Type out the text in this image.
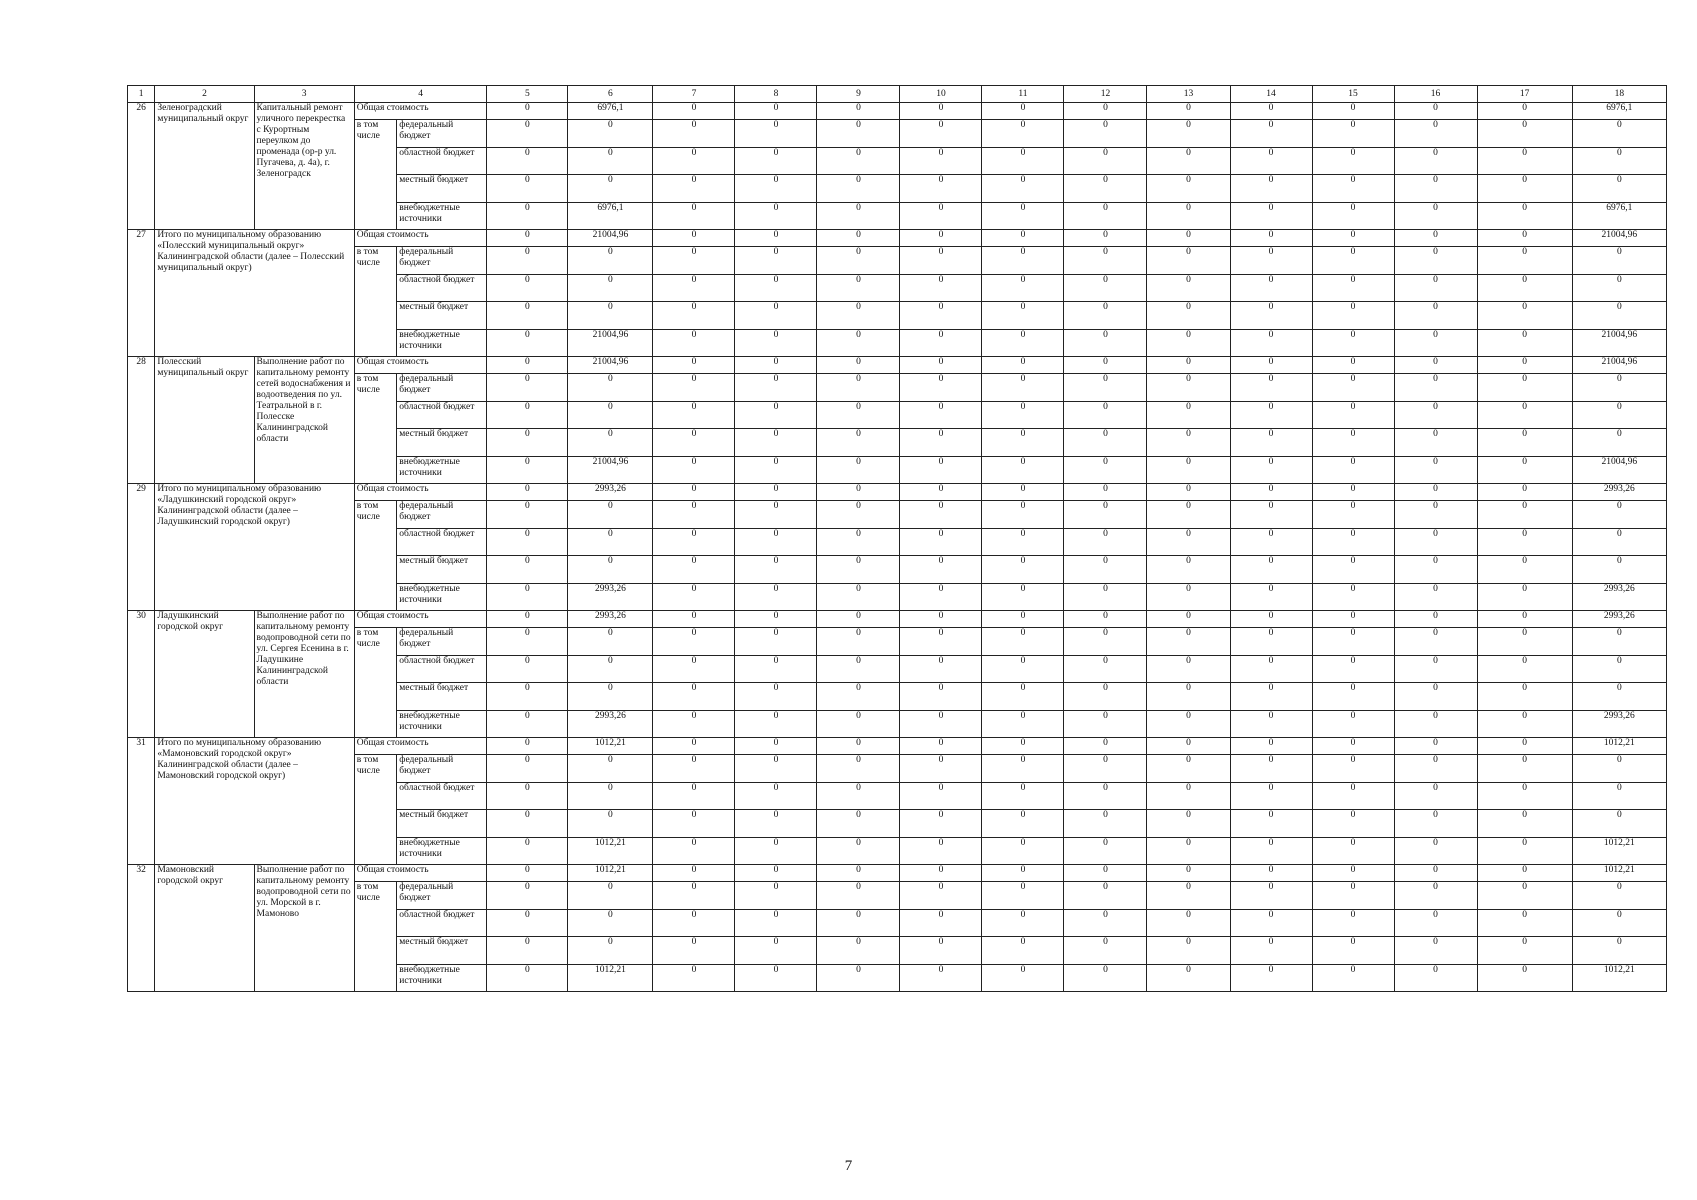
1	2	3	4		5	6	7	8	9	10	11	12	13	14	15	16	17	18
26	Зеленоградский муниципальный округ	Капитальный ремонт уличного перекрестка с Курортным переулком до променада (ор-р ул. Пугачева, д. 4а), г. Зеленоградск	Общая стоимость		0	6976,1	0	0	0	0	0	0	0	0	0	0	0	6976,1
			в том числе	федеральный бюджет	0	0	0	0	0	0	0	0	0	0	0	0	0	0
				областной бюджет	0	0	0	0	0	0	0	0	0	0	0	0	0	0
				местный бюджет	0	0	0	0	0	0	0	0	0	0	0	0	0	0
				внебюджетные источники	0	6976,1	0	0	0	0	0	0	0	0	0	0	0	6976,1
27	Итого по муниципальному образованию «Полесский муниципальный округ» Калининградской области (далее – Полесский муниципальный округ)		Общая стоимость		0	21004,96	0	0	0	0	0	0	0	0	0	0	0	21004,96
			в том числе	федеральный бюджет	0	0	0	0	0	0	0	0	0	0	0	0	0	0
				областной бюджет	0	0	0	0	0	0	0	0	0	0	0	0	0	0
				местный бюджет	0	0	0	0	0	0	0	0	0	0	0	0	0	0
				внебюджетные источники	0	21004,96	0	0	0	0	0	0	0	0	0	0	0	21004,96
28	Полесский муниципальный округ	Выполнение работ по капитальному ремонту сетей водоснабжения и водоотведения по ул. Театральной в г. Полесске Калининградской области	Общая стоимость		0	21004,96	0	0	0	0	0	0	0	0	0	0	0	21004,96
			в том числе	федеральный бюджет	0	0	0	0	0	0	0	0	0	0	0	0	0	0
				областной бюджет	0	0	0	0	0	0	0	0	0	0	0	0	0	0
				местный бюджет	0	0	0	0	0	0	0	0	0	0	0	0	0	0
				внебюджетные источники	0	21004,96	0	0	0	0	0	0	0	0	0	0	0	21004,96
29	Итого по муниципальному образованию «Ладушкинский городской округ» Калининградской области (далее – Ладушкинский городской округ)		Общая стоимость		0	2993,26	0	0	0	0	0	0	0	0	0	0	0	2993,26
			в том числе	федеральный бюджет	0	0	0	0	0	0	0	0	0	0	0	0	0	0
				областной бюджет	0	0	0	0	0	0	0	0	0	0	0	0	0	0
				местный бюджет	0	0	0	0	0	0	0	0	0	0	0	0	0	0
				внебюджетные источники	0	2993,26	0	0	0	0	0	0	0	0	0	0	0	2993,26
30	Ладушкинский городской округ	Выполнение работ по капитальному ремонту водопроводной сети по ул. Сергея Есенина в г. Ладушкине Калининградской области	Общая стоимость		0	2993,26	0	0	0	0	0	0	0	0	0	0	0	2993,26
			в том числе	федеральный бюджет	0	0	0	0	0	0	0	0	0	0	0	0	0	0
				областной бюджет	0	0	0	0	0	0	0	0	0	0	0	0	0	0
				местный бюджет	0	0	0	0	0	0	0	0	0	0	0	0	0	0
				внебюджетные источники	0	2993,26	0	0	0	0	0	0	0	0	0	0	0	2993,26
31	Итого по муниципальному образованию «Мамоновский городской округ» Калининградской области (далее – Мамоновский городской округ)		Общая стоимость		0	1012,21	0	0	0	0	0	0	0	0	0	0	0	1012,21
			в том числе	федеральный бюджет	0	0	0	0	0	0	0	0	0	0	0	0	0	0
				областной бюджет	0	0	0	0	0	0	0	0	0	0	0	0	0	0
				местный бюджет	0	0	0	0	0	0	0	0	0	0	0	0	0	0
				внебюджетные источники	0	1012,21	0	0	0	0	0	0	0	0	0	0	0	1012,21
32	Мамоновский городской округ	Выполнение работ по капитальному ремонту водопроводной сети по ул. Морской в г. Мамоново	Общая стоимость		0	1012,21	0	0	0	0	0	0	0	0	0	0	0	1012,21
			в том числе	федеральный бюджет	0	0	0	0	0	0	0	0	0	0	0	0	0	0
				областной бюджет	0	0	0	0	0	0	0	0	0	0	0	0	0	0
				местный бюджет	0	0	0	0	0	0	0	0	0	0	0	0	0	0
				внебюджетные источники	0	1012,21	0	0	0	0	0	0	0	0	0	0	0	1012,21
7
